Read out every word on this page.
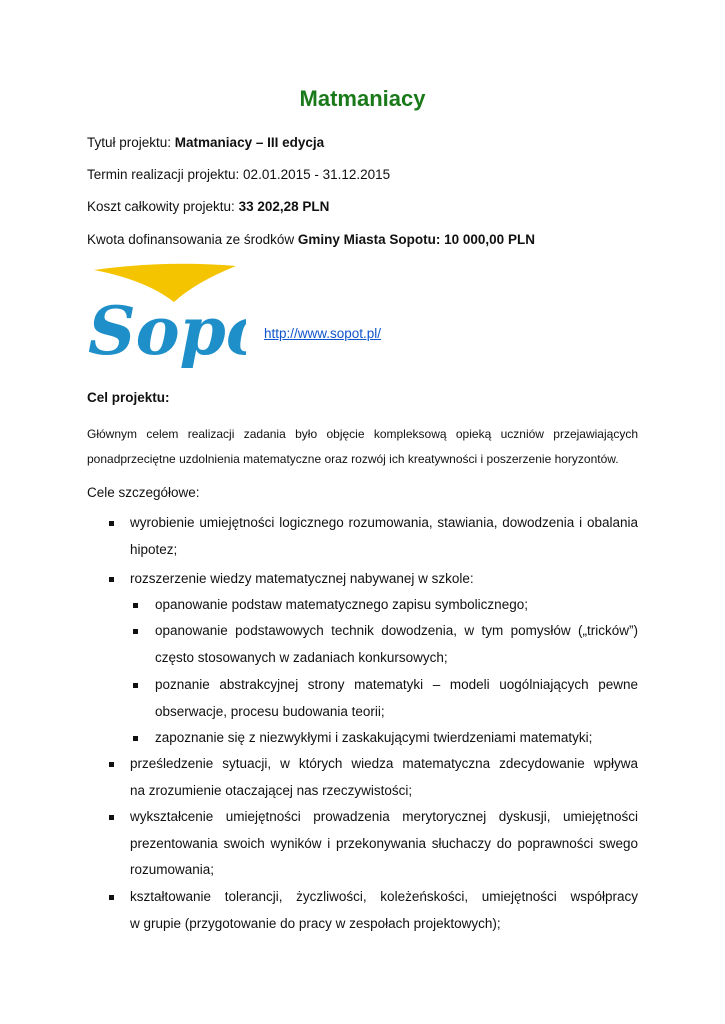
Matmaniacy
Tytuł projektu: Matmaniacy – III edycja
Termin realizacji projektu: 02.01.2015 - 31.12.2015
Koszt całkowity projektu: 33 202,28 PLN
Kwota dofinansowania ze środków Gminy Miasta Sopotu: 10 000,00 PLN
Sop	http://www.sopot.pl/
Cel projektu:
Głównym celem realizacji zadania było objęcie kompleksową opieką uczniów przejawiających
ponadprzeciętne uzdolnienia matematyczne oraz rozwój ich kreatywności i poszerzenie horyzontów.
Cele szczegółowe:
wyrobienie umiejętności logicznego rozumowania, stawiania, dowodzenia i obalania
hipotez;
rozszerzenie wiedzy matematycznej nabywanej w szkole:
opanowanie podstaw matematycznego zapisu symbolicznego;
opanowanie podstawowych technik dowodzenia, w tym pomysłów („tricków”)
często stosowanych w zadaniach konkursowych;
poznanie abstrakcyjnej strony matematyki – modeli uogólniających pewne
obserwacje, procesu budowania teorii;
zapoznanie się z niezwykłymi i zaskakującymi twierdzeniami matematyki;
prześledzenie sytuacji, w których wiedza matematyczna zdecydowanie wpływa
na zrozumienie otaczającej nas rzeczywistości;
wykształcenie umiejętności prowadzenia merytorycznej dyskusji, umiejętności
prezentowania swoich wyników i przekonywania słuchaczy do poprawności swego
rozumowania;
kształtowanie tolerancji, życzliwości, koleżeńskości, umiejętności współpracy
w grupie (przygotowanie do pracy w zespołach projektowych);
